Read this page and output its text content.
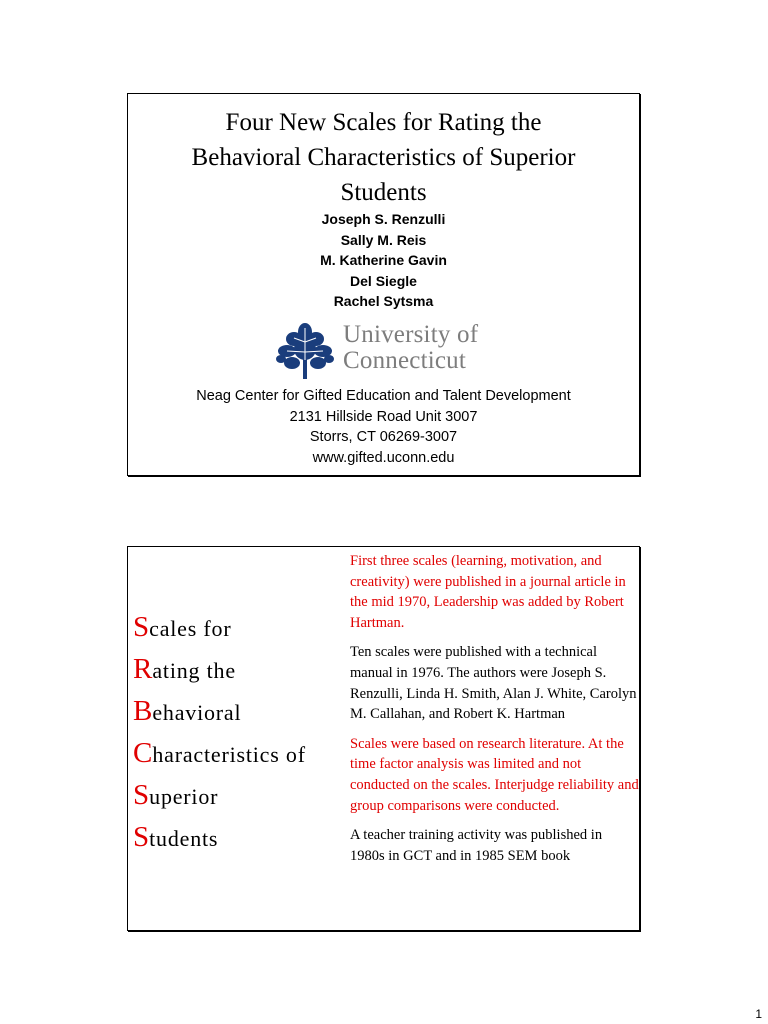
Four New Scales for Rating the
Behavioral Characteristics of Superior
Students
Joseph S. Renzulli
Sally M. Reis
M. Katherine Gavin
Del Siegle
Rachel Sytsma
University of
Connecticut
Neag Center for Gifted Education and Talent Development
2131 Hillside Road Unit 3007
Storrs, CT 06269-3007
www.gifted.uconn.edu
Scales for
Rating the
Behavioral
Characteristics of
Superior
Students

First three scales (learning, motivation, and creativity) were published in a journal article in the mid 1970, Leadership was added by Robert Hartman.

Ten scales were published with a technical manual in 1976. The authors were Joseph S. Renzulli, Linda H. Smith, Alan J. White, Carolyn M. Callahan, and Robert K. Hartman

Scales were based on research literature. At the time factor analysis was limited and not conducted on the scales. Interjudge reliability and group comparisons were conducted.

A teacher training activity was published in 1980s in GCT and in 1985 SEM book

1
